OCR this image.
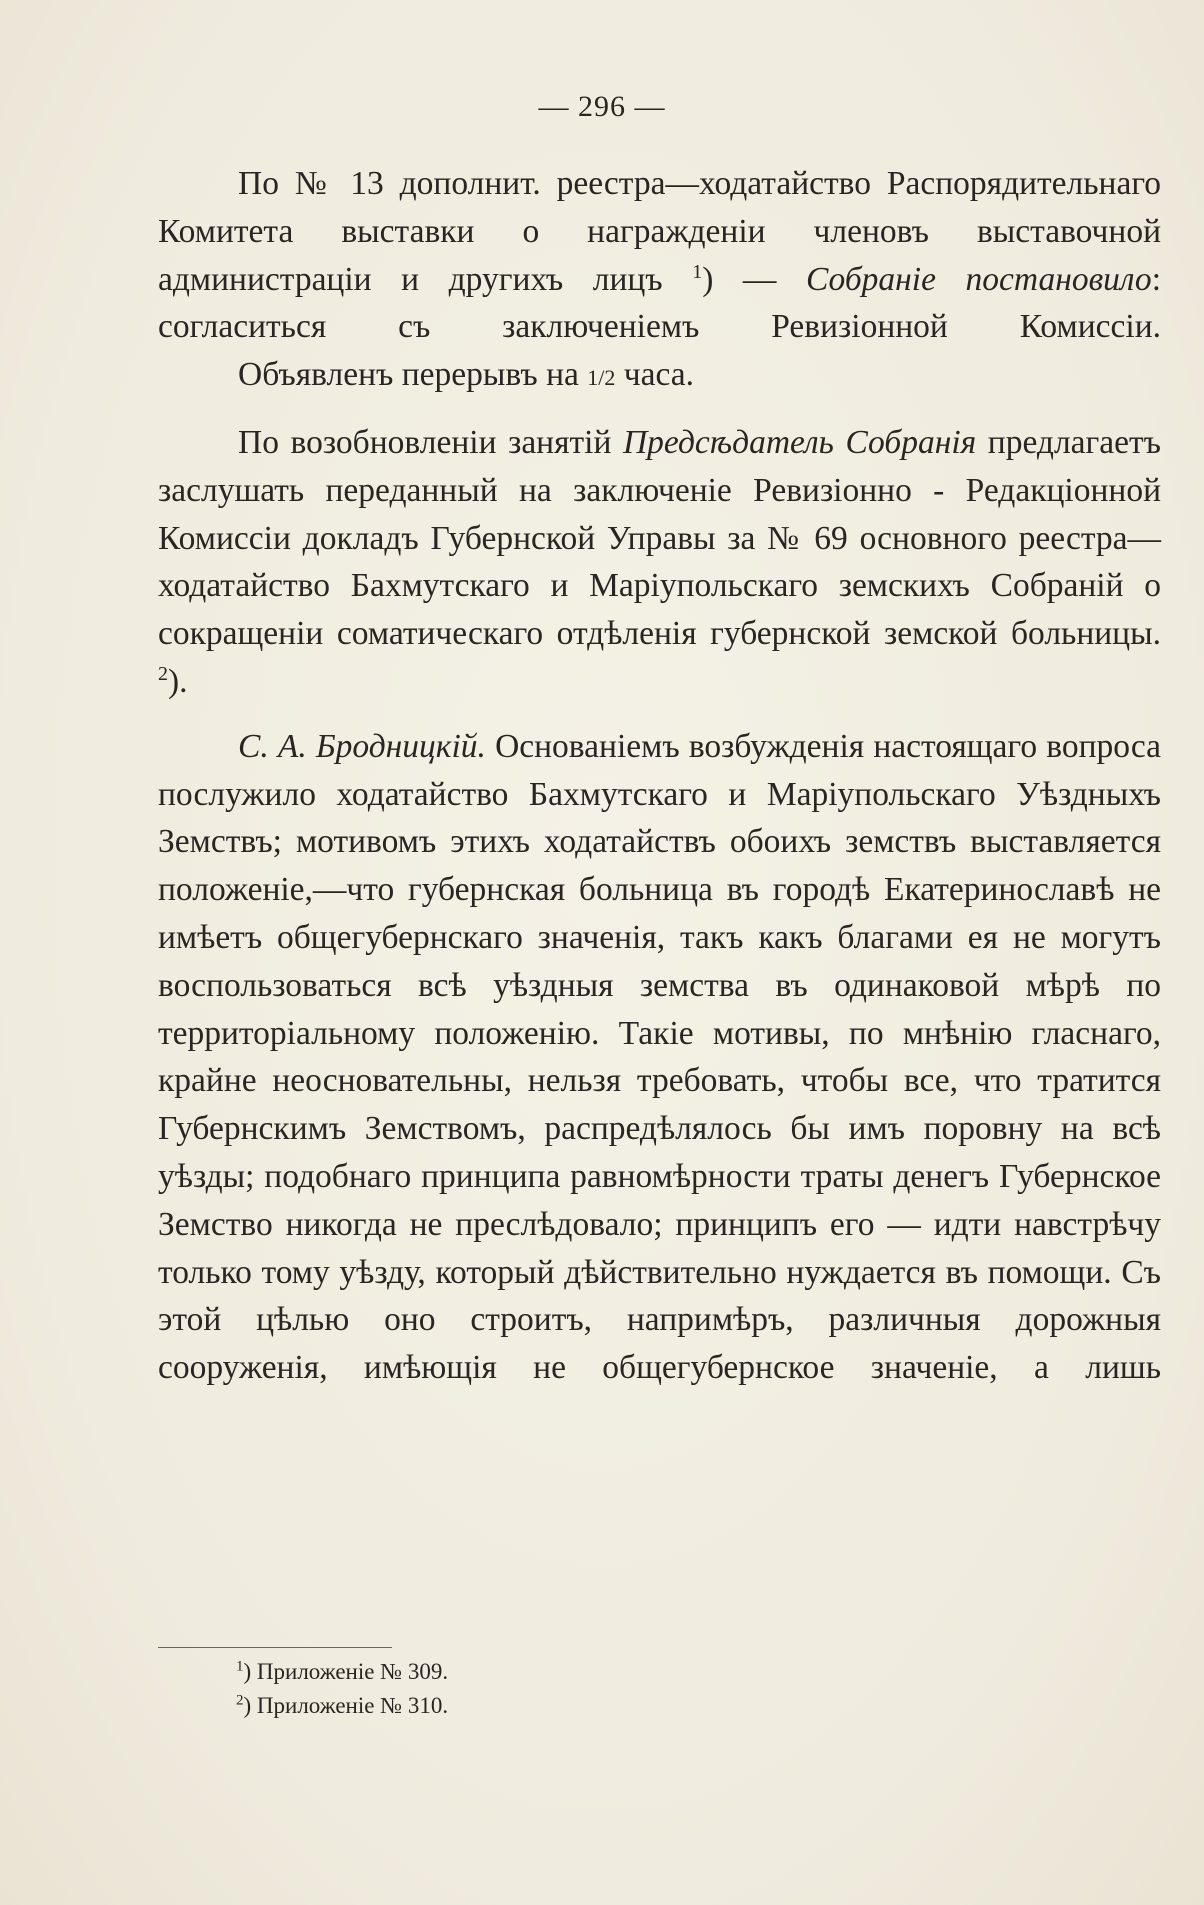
— 296 —

По № 13 дополнит. реестра—ходатайство Распорядительнаго Комитета выставки о награжденіи членовъ выставочной администраціи и другихъ лицъ $^1$) — Собраніе постановило: согласиться съ заключеніемъ Ревизіонной Комиссіи.

Объявленъ перерывъ на 1/2 часа.

По возобновленіи занятій Предсѣдатель Собранія предлагаетъ заслушать переданный на заключеніе Ревизіонно - Редакціонной Комиссіи докладъ Губернской Управы за № 69 основного реестра—ходатайство Бахмутскаго и Маріупольскаго земскихъ Собраній о сокращеніи соматическаго отдѣленія губернской земской больницы. $^2$).

С. А. Бродницкій. Основаніемъ возбужденія настоящаго вопроса послужило ходатайство Бахмутскаго и Маріупольскаго Уѣздныхъ Земствъ; мотивомъ этихъ ходатайствъ обоихъ земствъ выставляется положеніе,—что губернская больница въ городѣ Екатеринославѣ не имѣетъ общегубернскаго значенія, такъ какъ благами ея не могутъ воспользоваться всѣ уѣздныя земства въ одинаковой мѣрѣ по территоріальному положенію. Такіе мотивы, по мнѣнію гласнаго, крайне неосновательны, нельзя требовать, чтобы все, что тратится Губернскимъ Земствомъ, распредѣлялось бы имъ поровну на всѣ уѣзды; подобнаго принципа равномѣрности траты денегъ Губернское Земство никогда не преслѣдовало; принципъ его — идти навстрѣчу только тому уѣзду, который дѣйствительно нуждается въ помощи. Съ этой цѣлью оно строитъ, напримѣръ, различныя дорожныя сооруженія, имѣющія не общегубернское значеніе, а лишь

$^1$) Приложеніе № 309.
$^2$) Приложеніе № 310.
